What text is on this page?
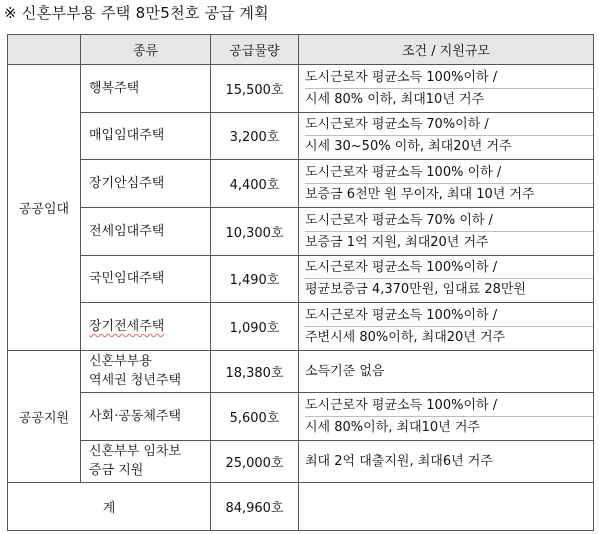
※ 신혼부부용 주택 8만5천호 공급 계획
	종류	공급물량	조건 / 지원규모
공공임대	행복주택	15,500호	도시근로자 평균소득 100%이하 /
시세 80% 이하, 최대10년 거주

	매입임대주택	3,200호	도시근로자 평균소득 70%이하 /
시세 30~50% 이하, 최대20년 거주

	장기안심주택	4,400호	도시근로자 평균소득 100% 이하 /
보증금 6천만 원 무이자, 최대 10년 거주

	전세임대주택	10,300호	도시근로자 평균소득 70% 이하 /
보증금 1억 지원, 최대20년 거주

	국민임대주택	1,490호	도시근로자 평균소득 100%이하 /
평균보증금 4,370만원, 임대료 28만원

	장기전세주택	1,090호	도시근로자 평균소득 100%이하 /
주변시세 80%이하, 최대20년 거주

공공지원	신혼부부용
역세권 청년주택	18,380호	소득기준 없음

	사회·공동체주택	5,600호	도시근로자 평균소득 100%이하 /
시세 80%이하, 최대10년 거주

	신혼부부 임차보
증금 지원	25,000호	최대 2억 대출지원, 최대6년 거주

계		84,960호	
